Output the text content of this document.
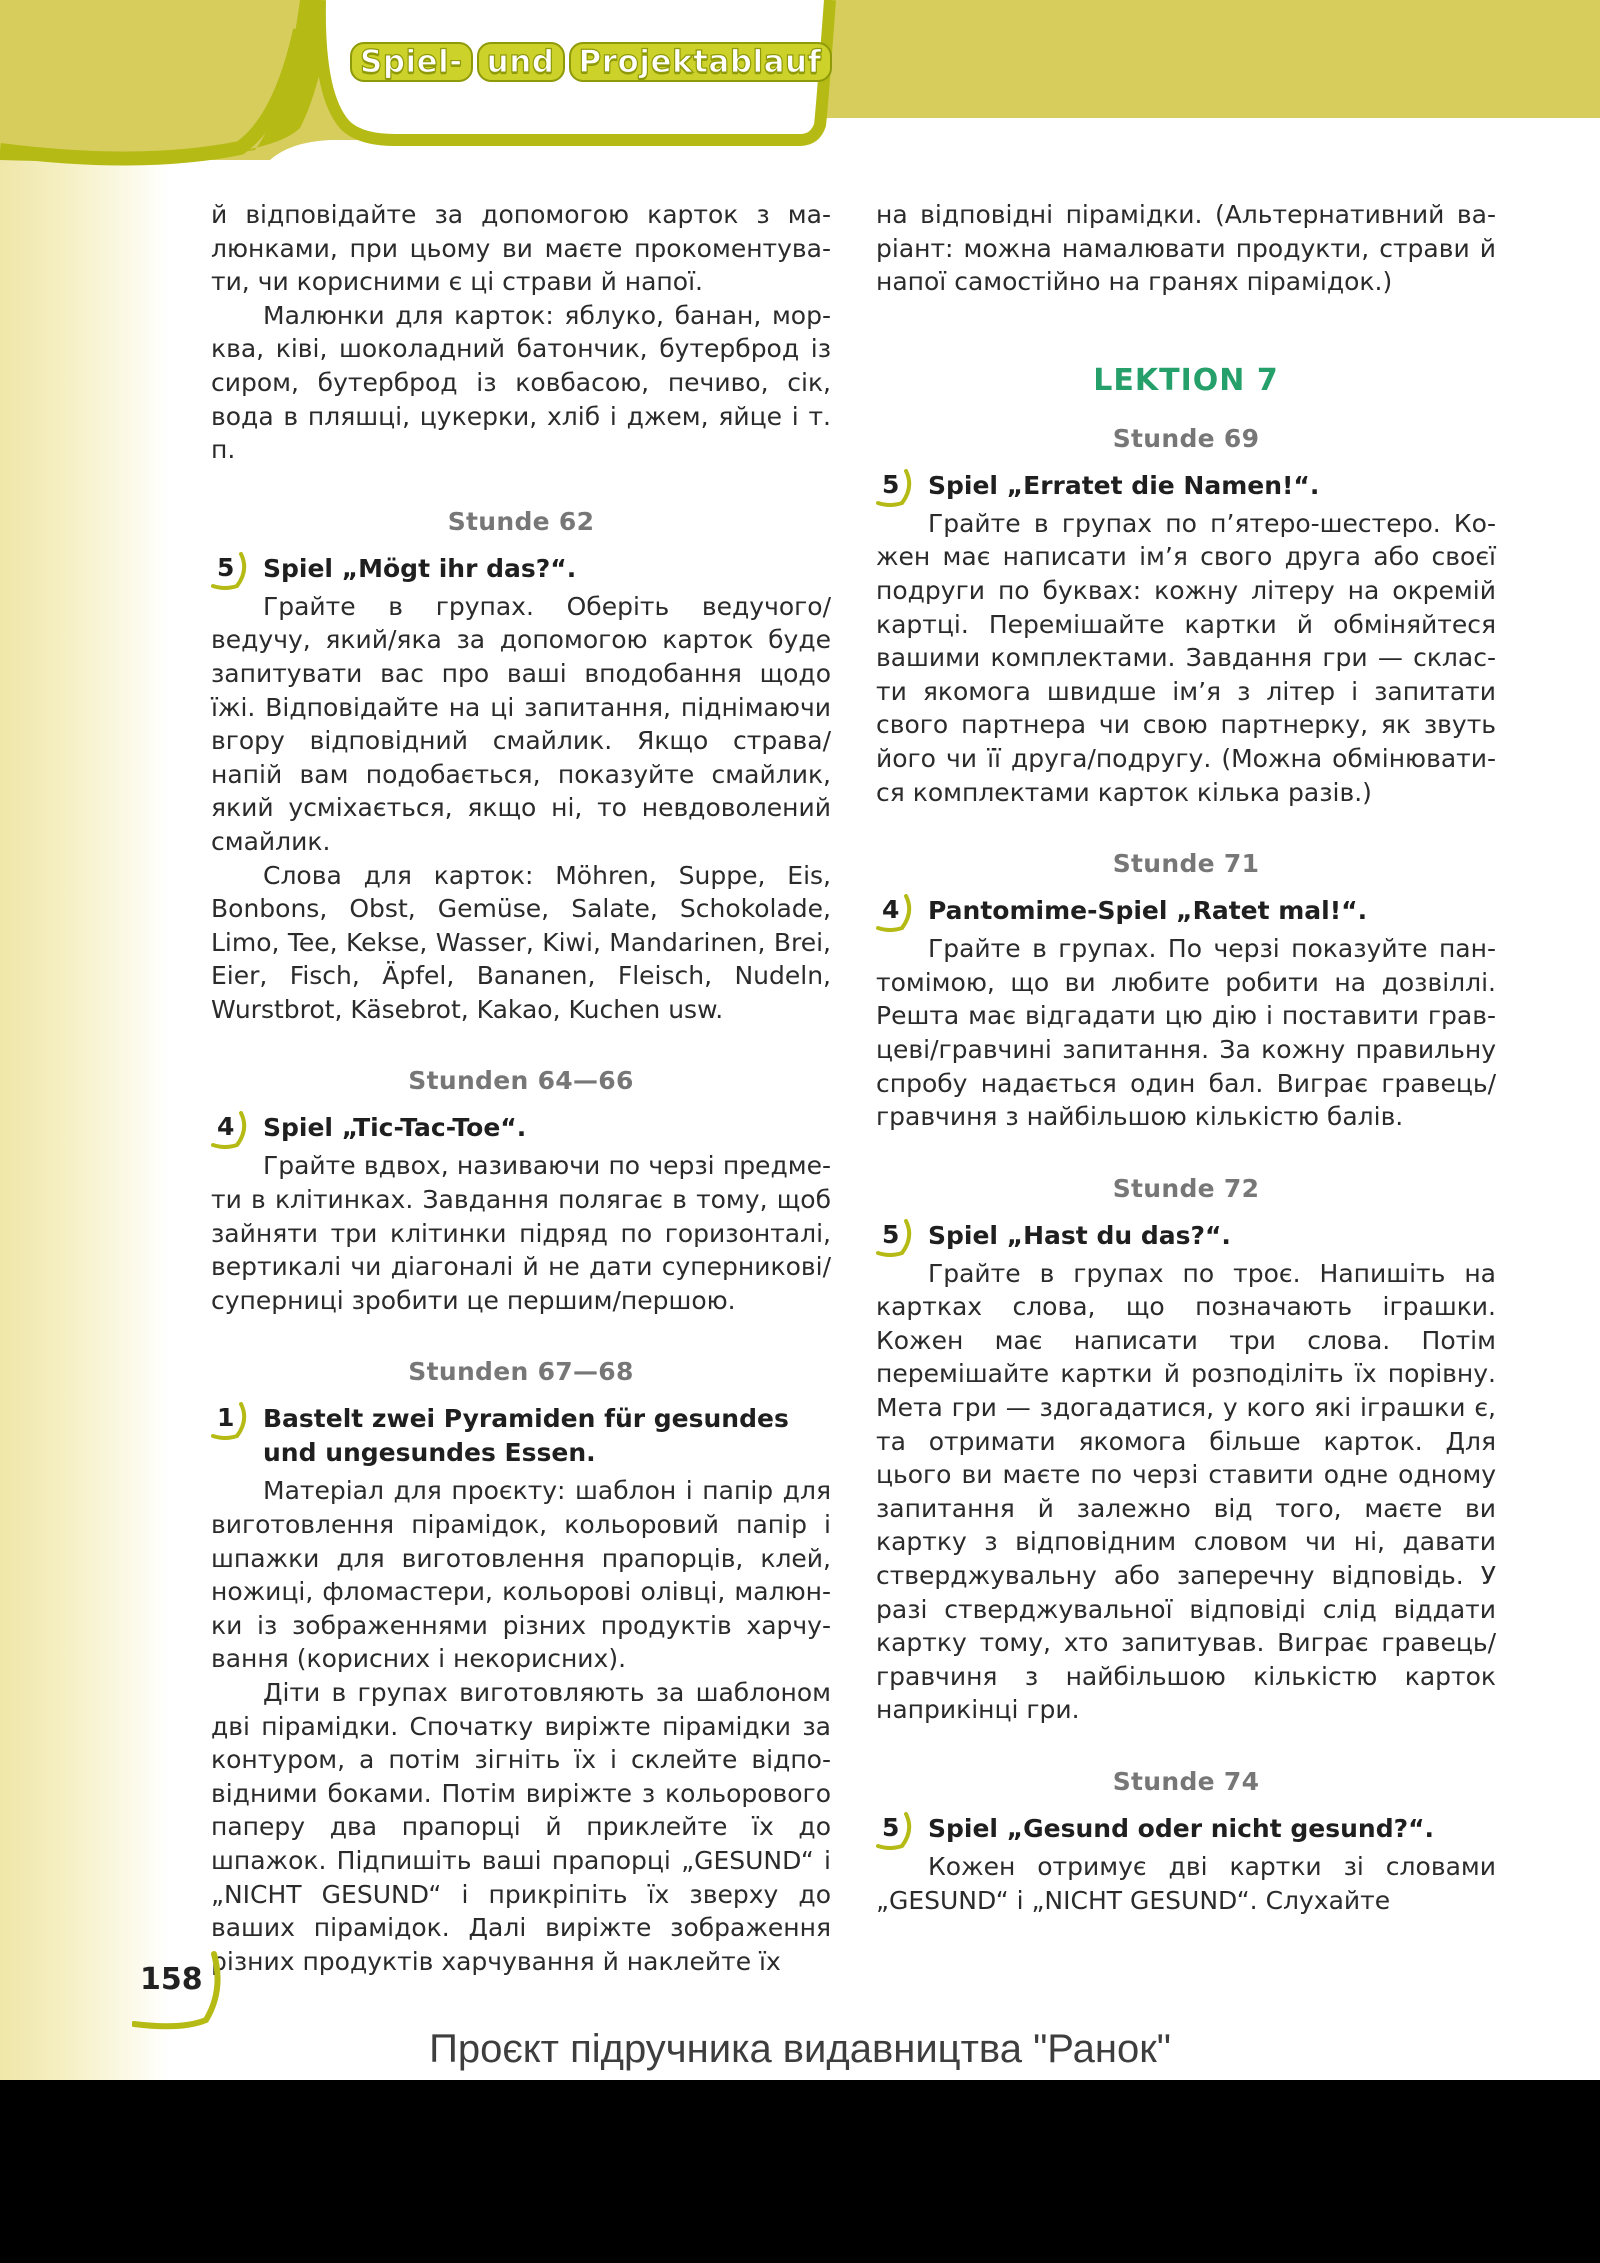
Spiel- und Projektablauf

й відповідайте за допомогою карток з малюнками, при цьому ви маєте прокоментувати, чи корисними є ці страви й напої.

Малюнки для карток: яблуко, банан, морква, ківі, шоколадний батончик, бутерброд із сиром, бутерброд із ковбасою, печиво, сік, вода в пляшці, цукерки, хліб і джем, яйце і т. п.

Stunde 62
5 Spiel „Mögt ihr das?“.

Грайте в групах. Оберіть ведучого/ведучу, який/яка за допомогою карток буде запитувати вас про ваші вподобання щодо їжі. Відповідайте на ці запитання, піднімаючи вгору відповідний смайлик. Якщо страва/напій вам подобається, показуйте смайлик, який усміхається, якщо ні, то невдоволений смайлик.

Слова для карток: Möhren, Suppe, Eis, Bonbons, Obst, Gemüse, Salate, Schokolade, Limo, Tee, Kekse, Wasser, Kiwi, Mandarinen, Brei, Eier, Fisch, Äpfel, Bananen, Fleisch, Nudeln, Wurstbrot, Käsebrot, Kakao, Kuchen usw.

Stunden 64—66
4 Spiel „Tic-Tac-Toe“.

Грайте вдвох, називаючи по черзі предмети в клітинках. Завдання полягає в тому, щоб зайняти три клітинки підряд по горизонталі, вертикалі чи діагоналі й не дати суперникові/суперниці зробити це першим/першою.

Stunden 67—68
1 Bastelt zwei Pyramiden für gesundes und ungesundes Essen.

Матеріал для проєкту: шаблон і папір для виготовлення пірамідок, кольоровий папір і шпажки для виготовлення прапорців, клей, ножиці, фломастери, кольорові олівці, малюнки із зображеннями різних продуктів харчування (корисних і некорисних).

Діти в групах виготовляють за шаблоном дві пірамідки. Спочатку виріжте пірамідки за контуром, а потім зігніть їх і склейте відповідними боками. Потім виріжте з кольорового паперу два прапорці й приклейте їх до шпажок. Підпишіть ваші прапорці „GESUND“ і „NICHT GESUND“ і прикріпіть їх зверху до ваших пірамідок. Далі виріжте зображення різних продуктів харчування й наклейте їх

на відповідні пірамідки. (Альтернативний варіант: можна намалювати продукти, страви й напої самостійно на гранях пірамідок.)

LEKTION 7
Stunde 69
5 Spiel „Erratet die Namen!“.

Грайте в групах по п’ятеро-шестеро. Кожен має написати ім’я свого друга або своєї подруги по буквах: кожну літеру на окремій картці. Перемішайте картки й обміняйтеся вашими комплектами. Завдання гри — скласти якомога швидше ім’я з літер і запитати свого партнера чи свою партнерку, як звуть його чи її друга/подругу. (Можна обмінюватися комплектами карток кілька разів.)

Stunde 71
4 Pantomime-Spiel „Ratet mal!“.

Грайте в групах. По черзі показуйте пантомімою, що ви любите робити на дозвіллі. Решта має відгадати цю дію і поставити гравцеві/гравчині запитання. За кожну правильну спробу надається один бал. Виграє гравець/ гравчиня з найбільшою кількістю балів.

Stunde 72
5 Spiel „Hast du das?“.

Грайте в групах по троє. Напишіть на картках слова, що позначають іграшки. Кожен має написати три слова. Потім перемішайте картки й розподіліть їх порівну. Мета гри — здогадатися, у кого які іграшки є, та отримати якомога більше карток. Для цього ви маєте по черзі ставити одне одному запитання й залежно від того, маєте ви картку з відповідним словом чи ні, давати стверджувальну або заперечну відповідь. У разі стверджувальної відповіді слід віддати картку тому, хто запитував. Виграє гравець/гравчиня з найбільшою кількістю карток наприкінці гри.

Stunde 74
5 Spiel „Gesund oder nicht gesund?“.

Кожен отримує дві картки зі словами „GESUND“ і „NICHT GESUND“. Слухайте

158
Проєкт підручника видавництва "Ранок"
